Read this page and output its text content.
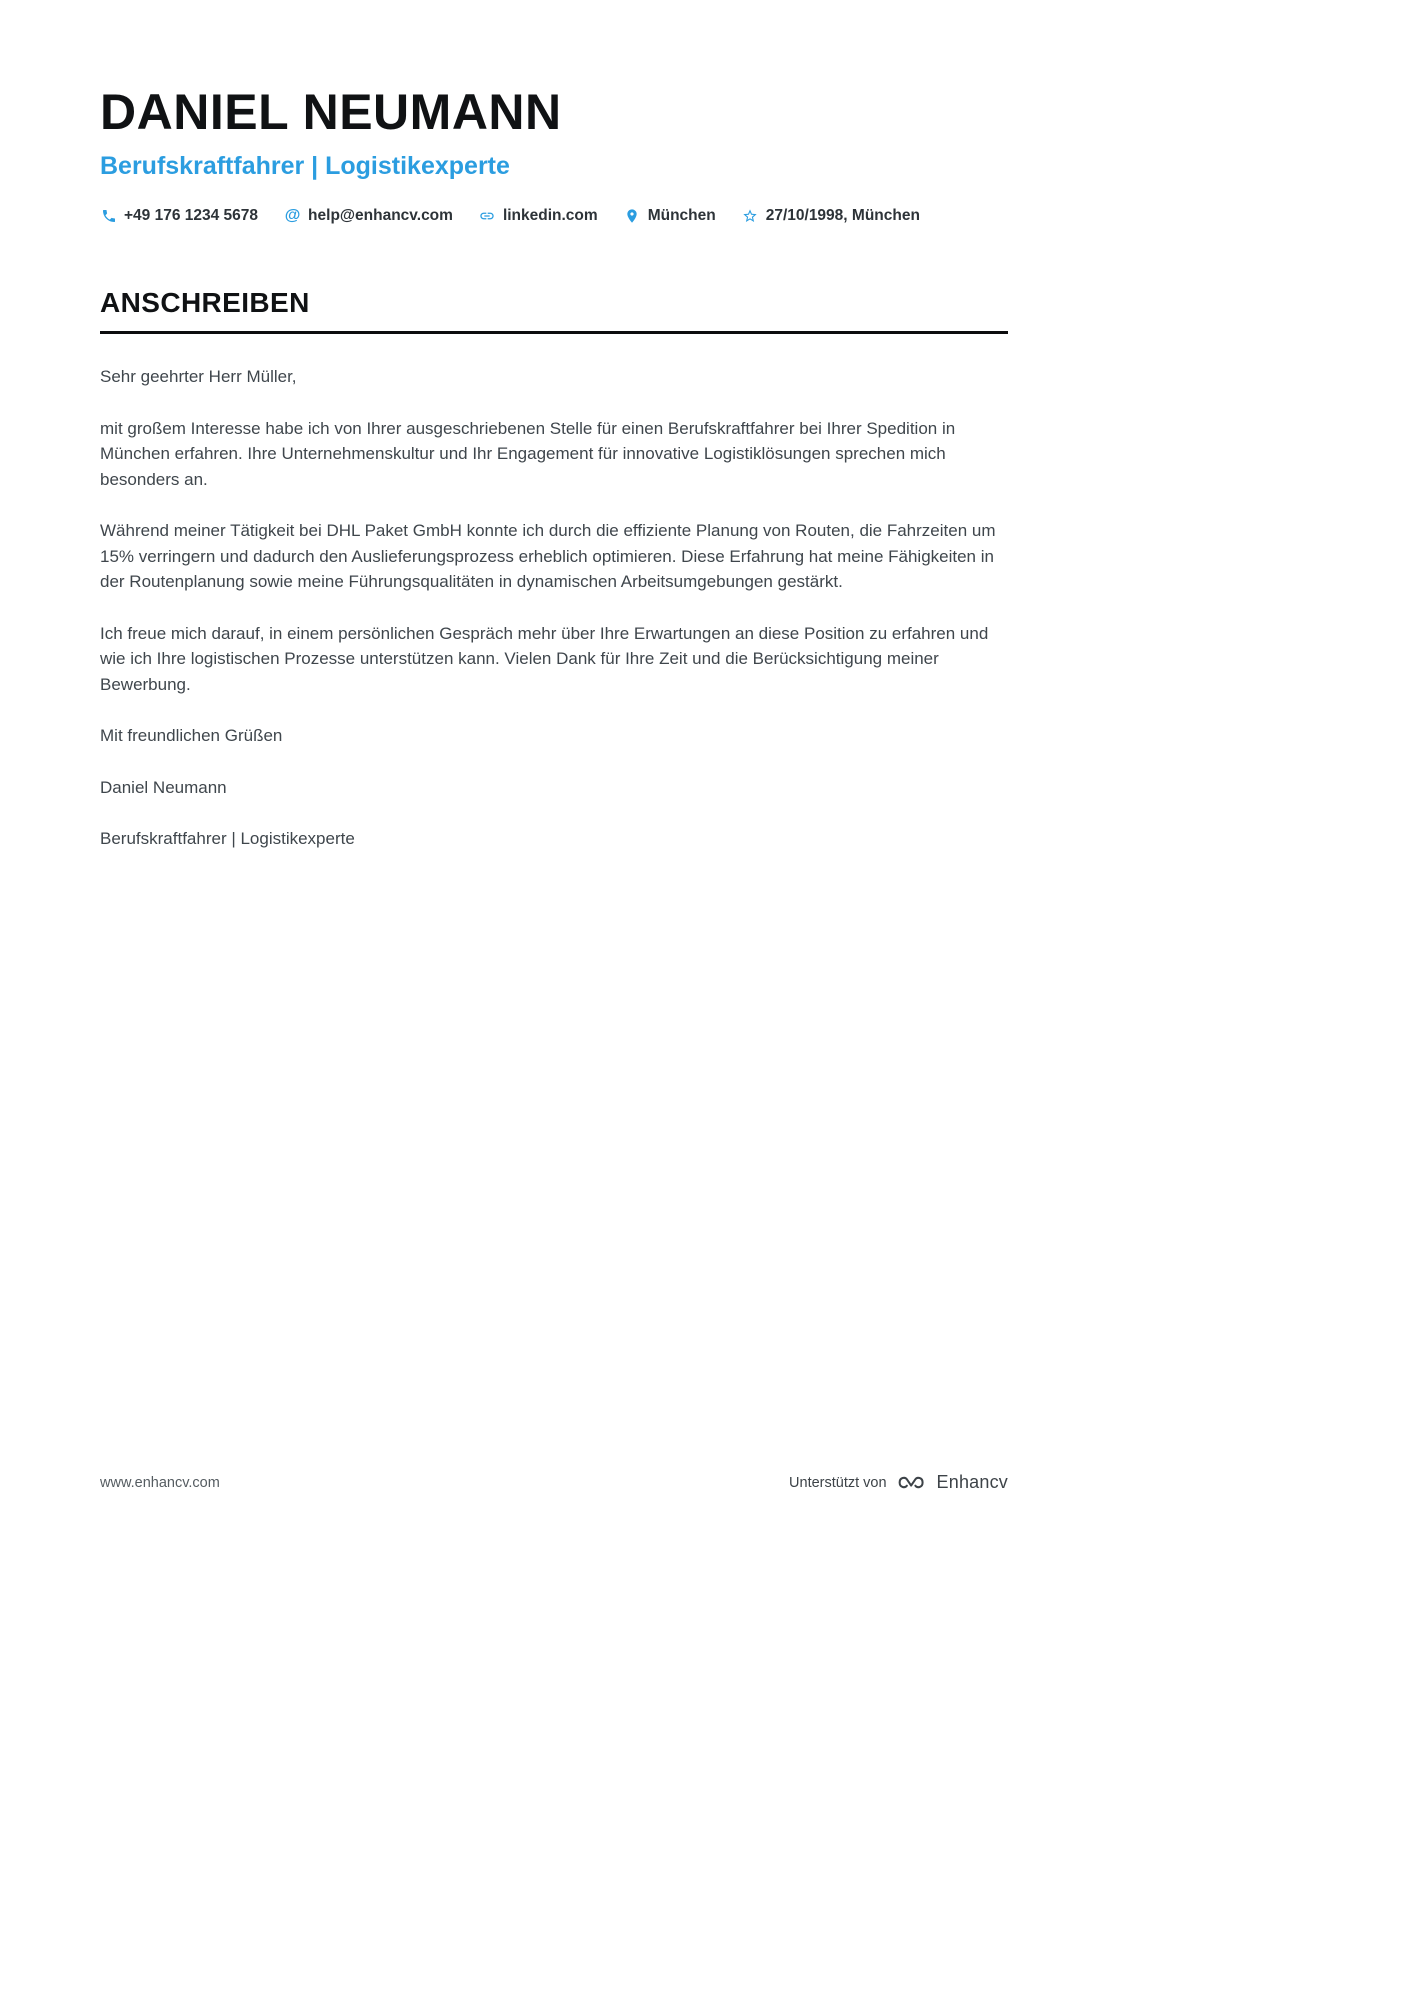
DANIEL NEUMANN
Berufskraftfahrer | Logistikexperte
+49 176 1234 5678 @ help@enhancv.com	linkedin.com	München	27/10/1998, München
ANSCHREIBEN

Sehr geehrter Herr Müller,

mit großem Interesse habe ich von Ihrer ausgeschriebenen Stelle für einen Berufskraftfahrer bei Ihrer Spedition in München erfahren. Ihre Unternehmenskultur und Ihr Engagement für innovative Logistiklösungen sprechen mich besonders an.

Während meiner Tätigkeit bei DHL Paket GmbH konnte ich durch die effiziente Planung von Routen, die Fahrzeiten um 15% verringern und dadurch den Auslieferungsprozess erheblich optimieren. Diese Erfahrung hat meine Fähigkeiten in der Routenplanung sowie meine Führungsqualitäten in dynamischen Arbeitsumgebungen gestärkt.

Ich freue mich darauf, in einem persönlichen Gespräch mehr über Ihre Erwartungen an diese Position zu erfahren und wie ich Ihre logistischen Prozesse unterstützen kann. Vielen Dank für Ihre Zeit und die Berücksichtigung meiner Bewerbung.

Mit freundlichen Grüßen

Daniel Neumann

Berufskraftfahrer | Logistikexperte

www.enhancv.com	Unterstützt von	Enhancv
